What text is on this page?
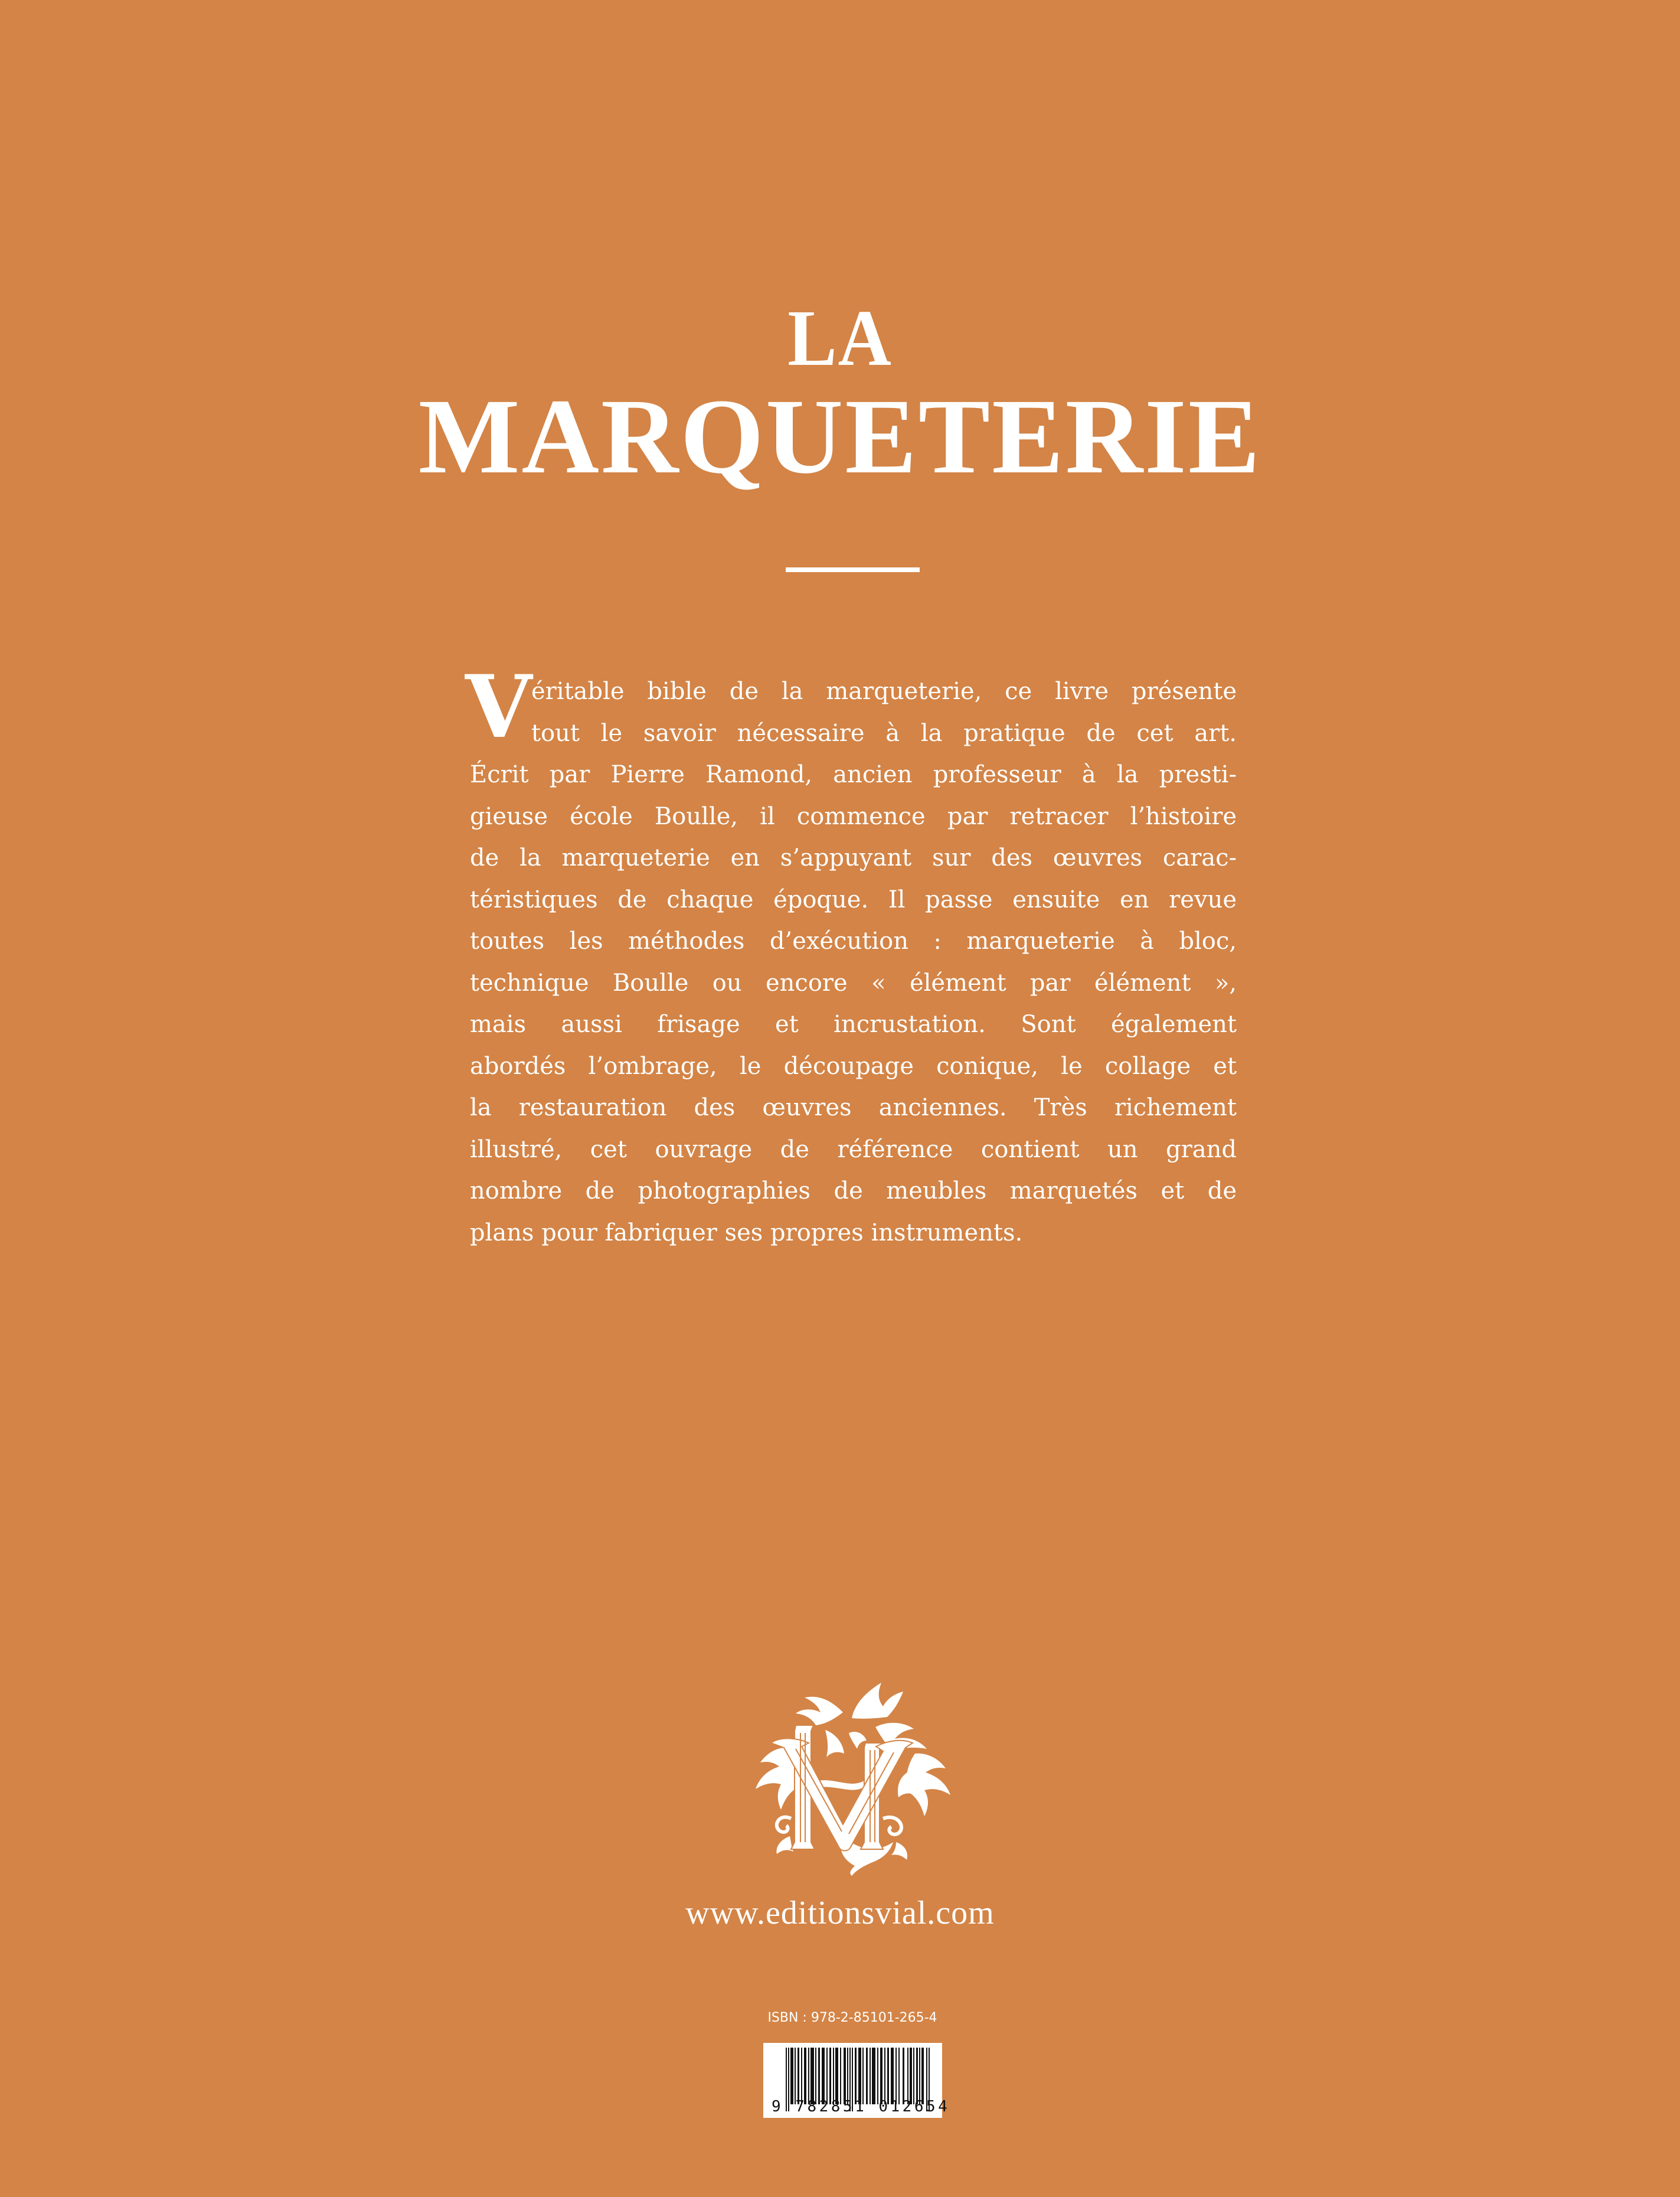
LA
MARQUETERIE
V
éritable bible de la marqueterie, ce livre présente
tout le savoir nécessaire à la pratique de cet art.
Écrit par Pierre Ramond, ancien professeur à la presti-
gieuse école Boulle, il commence par retracer l’histoire
de la marqueterie en s’appuyant sur des œuvres carac-
téristiques de chaque époque. Il passe ensuite en revue
toutes les méthodes d’exécution : marqueterie à bloc,
technique Boulle ou encore « élément par élément »,
mais aussi frisage et incrustation. Sont également
abordés l’ombrage, le découpage conique, le collage et
la restauration des œuvres anciennes. Très richement
illustré, cet ouvrage de référence contient un grand
nombre de photographies de meubles marquetés et de
plans pour fabriquer ses propres instruments.
www.editionsvial.com
ISBN : 978-2-85101-265-4
9 782851 012654
